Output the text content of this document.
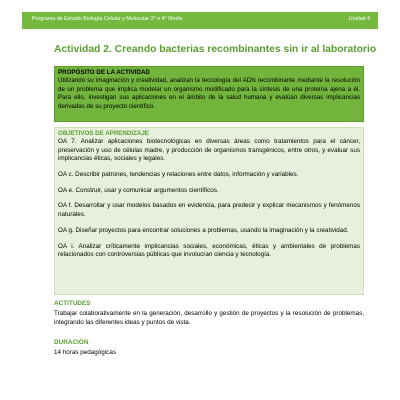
Programa de Estudio Biología Celular y Molecular 3° o 4° Medio	Unidad 4
Actividad 2. Creando bacterias recombinantes sin ir al laboratorio
PROPÓSITO DE LA ACTIVIDAD
Utilizando su imaginación y creatividad, analizan la tecnología del ADN recombinante mediante la resolución de un problema que implica modelar un organismo modificado para la síntesis de una proteína ajena a él. Para ello, investigan sus aplicaciones en el ámbito de la salud humana y evalúan diversas implicancias derivadas de su proyecto científico.
OBJETIVOS DE APRENDIZAJE

OA 7. Analizar aplicaciones biotecnológicas en diversas áreas como tratamientos para el cáncer, preservación y uso de células madre, y producción de organismos transgénicos, entre otros, y evaluar sus implicancias éticas, sociales y legales.

OA c. Describir patrones, tendencias y relaciones entre datos, información y variables.

OA e. Construir, usar y comunicar argumentos científicos.

OA f. Desarrollar y usar modelos basados en evidencia, para predecir y explicar mecanismos y fenómenos naturales.

OA g. Diseñar proyectos para encontrar soluciones a problemas, usando la imaginación y la creatividad.

OA i. Analizar críticamente implicancias sociales, económicas, éticas y ambientales de problemas relacionados con controversias públicas que involucran ciencia y tecnología.

ACTITUDES
Trabajar colaborativamente en la generación, desarrollo y gestión de proyectos y la resolución de problemas, integrando las diferentes ideas y puntos de vista.
DURACIÓN
14 horas pedagógicas
